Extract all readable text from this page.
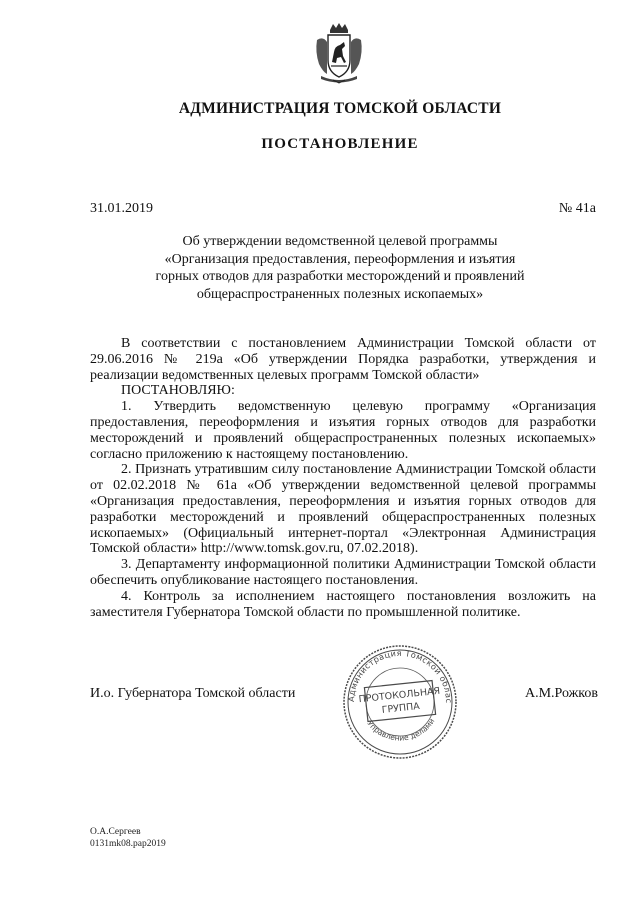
АДМИНИСТРАЦИЯ ТОМСКОЙ ОБЛАСТИ
ПОСТАНОВЛЕНИЕ
31.01.2019	№ 41а
Об утверждении ведомственной целевой программы
«Организация предоставления, переоформления и изъятия
горных отводов для разработки месторождений и проявлений
общераспространенных полезных ископаемых»

В соответствии с постановлением Администрации Томской области от 29.06.2016 № 219а «Об утверждении Порядка разработки, утверждения и реализации ведомственных целевых программ Томской области»

ПОСТАНОВЛЯЮ:

1. Утвердить ведомственную целевую программу «Организация предоставления, переоформления и изъятия горных отводов для разработки месторождений и проявлений общераспространенных полезных ископаемых» согласно приложению к настоящему постановлению.

2. Признать утратившим силу постановление Администрации Томской области от 02.02.2018 № 61а «Об утверждении ведомственной целевой программы «Организация предоставления, переоформления и изъятия горных отводов для разработки месторождений и проявлений общераспространенных полезных ископаемых» (Официальный интернет-портал «Электронная Администрация Томской области» http://www.tomsk.gov.ru, 07.02.2018).

3. Департаменту информационной политики Администрации Томской области обеспечить опубликование настоящего постановления.

4. Контроль за исполнением настоящего постановления возложить на заместителя Губернатора Томской области по промышленной политике.

И.о. Губернатора Томской области	А.М.Рожков
Администрация Томской облас
Управление делами
ПРОТОКОЛЬНАЯ
ГРУППА
О.А.Сергеев
0131mk08.pap2019
